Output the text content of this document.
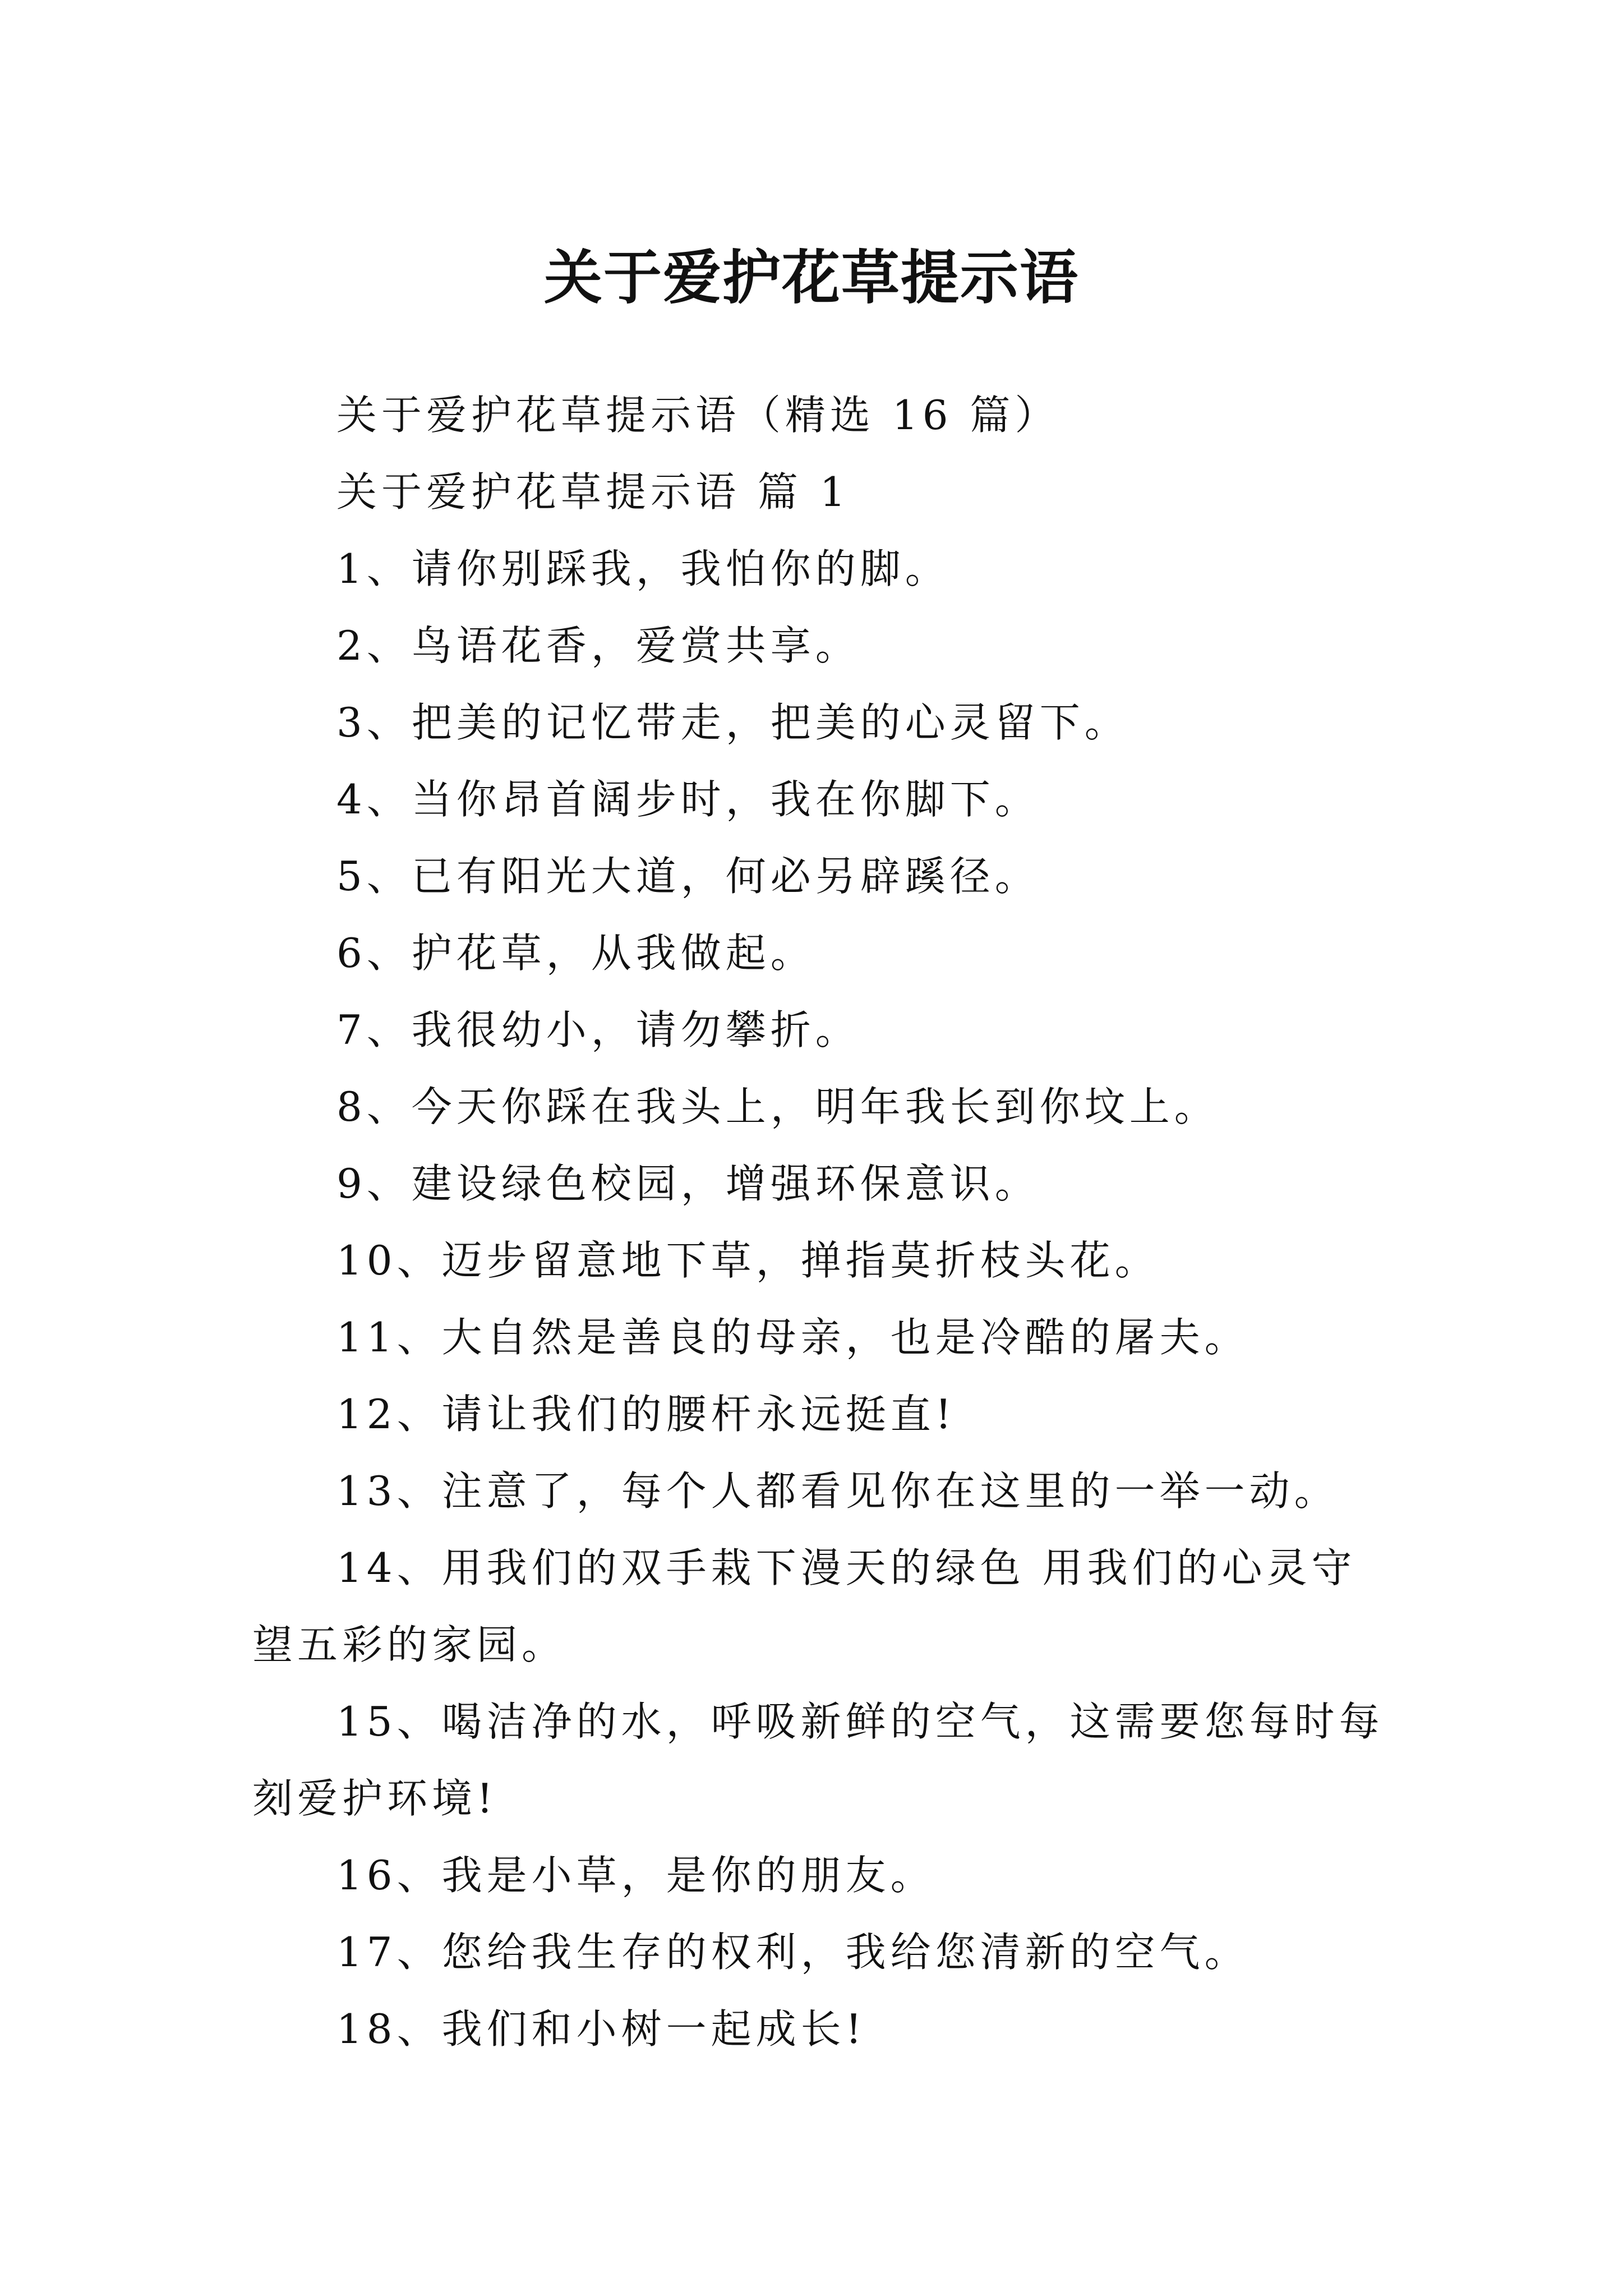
关于爱护花草提示语

关于爱护花草提示语（精选 16 篇）

关于爱护花草提示语 篇 1

1、请你别踩我，我怕你的脚。

2、鸟语花香，爱赏共享。

3、把美的记忆带走，把美的心灵留下。

4、当你昂首阔步时，我在你脚下。

5、已有阳光大道，何必另辟蹊径。

6、护花草，从我做起。

7、我很幼小，请勿攀折。

8、今天你踩在我头上，明年我长到你坟上。

9、建设绿色校园，增强环保意识。

10、迈步留意地下草，掸指莫折枝头花。

11、大自然是善良的母亲，也是冷酷的屠夫。

12、请让我们的腰杆永远挺直!

13、注意了，每个人都看见你在这里的一举一动。

14、用我们的双手栽下漫天的绿色 用我们的心灵守望五彩的家园。

15、喝洁净的水，呼吸新鲜的空气，这需要您每时每刻爱护环境!

16、我是小草，是你的朋友。

17、您给我生存的权利，我给您清新的空气。

18、我们和小树一起成长!
